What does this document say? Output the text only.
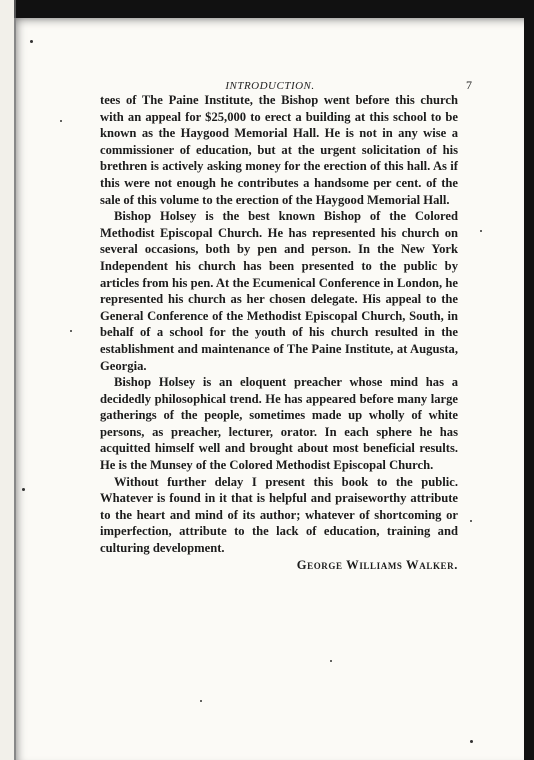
INTRODUCTION.	7

tees of The Paine Institute, the Bishop went before this church with an appeal for $25,000 to erect a building at this school to be known as the Haygood Memorial Hall. He is not in any wise a commissioner of education, but at the urgent solicitation of his brethren is actively asking money for the erection of this hall. As if this were not enough he contributes a handsome per cent. of the sale of this volume to the erection of the Haygood Memorial Hall.

Bishop Holsey is the best known Bishop of the Colored Methodist Episcopal Church. He has represented his church on several occasions, both by pen and person. In the New York Independent his church has been presented to the public by articles from his pen. At the Ecumenical Conference in London, he represented his church as her chosen delegate. His appeal to the General Conference of the Methodist Episcopal Church, South, in behalf of a school for the youth of his church resulted in the establishment and maintenance of The Paine Institute, at Augusta, Georgia.

Bishop Holsey is an eloquent preacher whose mind has a decidedly philosophical trend. He has appeared before many large gatherings of the people, sometimes made up wholly of white persons, as preacher, lecturer, orator. In each sphere he has acquitted himself well and brought about most beneficial results. He is the Munsey of the Colored Methodist Episcopal Church.

Without further delay I present this book to the public. Whatever is found in it that is helpful and praiseworthy attribute to the heart and mind of its author; whatever of shortcoming or imperfection, attribute to the lack of education, training and culturing development.

George Williams Walker.
